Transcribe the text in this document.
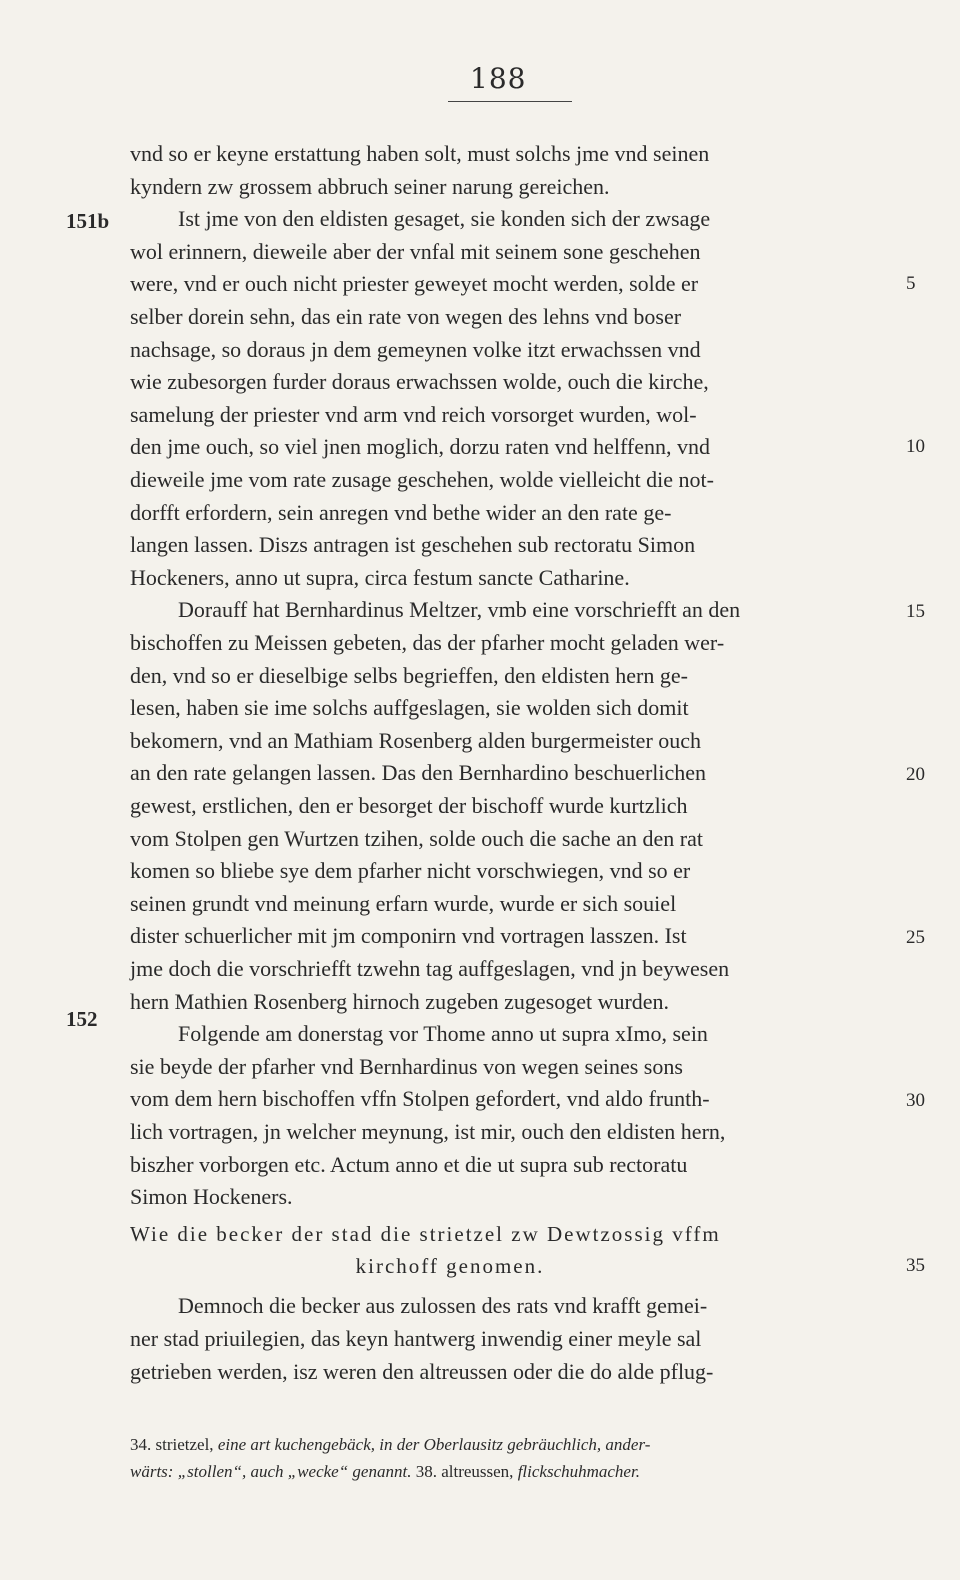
188
vnd so er keyne erstattung haben solt, must solchs jme vnd seinen
kyndern zw grossem abbruch seiner narung gereichen.
Ist jme von den eldisten gesaget, sie konden sich der zwsage
wol erinnern, dieweile aber der vnfal mit seinem sone geschehen
were, vnd er ouch nicht priester geweyet mocht werden, solde er
selber dorein sehn, das ein rate von wegen des lehns vnd boser
nachsage, so doraus jn dem gemeynen volke itzt erwachssen vnd
wie zubesorgen furder doraus erwachssen wolde, ouch die kirche,
samelung der priester vnd arm vnd reich vorsorget wurden, wol-
den jme ouch, so viel jnen moglich, dorzu raten vnd helffenn, vnd
dieweile jme vom rate zusage geschehen, wolde vielleicht die not-
dorfft erfordern, sein anregen vnd bethe wider an den rate ge-
langen lassen. Diszs antragen ist geschehen sub rectoratu Simon
Hockeners, anno ut supra, circa festum sancte Catharine.
Dorauff hat Bernhardinus Meltzer, vmb eine vorschriefft an den
bischoffen zu Meissen gebeten, das der pfarher mocht geladen wer-
den, vnd so er dieselbige selbs begrieffen, den eldisten hern ge-
lesen, haben sie ime solchs auffgeslagen, sie wolden sich domit
bekomern, vnd an Mathiam Rosenberg alden burgermeister ouch
an den rate gelangen lassen. Das den Bernhardino beschuerlichen
gewest, erstlichen, den er besorget der bischoff wurde kurtzlich
vom Stolpen gen Wurtzen tzihen, solde ouch die sache an den rat
komen so bliebe sye dem pfarher nicht vorschwiegen, vnd so er
seinen grundt vnd meinung erfarn wurde, wurde er sich souiel
dister schuerlicher mit jm componirn vnd vortragen lasszen. Ist
jme doch die vorschriefft tzwehn tag auffgeslagen, vnd jn beywesen
hern Mathien Rosenberg hirnoch zugeben zugesoget wurden.
Folgende am donerstag vor Thome anno ut supra xImo, sein
sie beyde der pfarher vnd Bernhardinus von wegen seines sons
vom dem hern bischoffen vffn Stolpen gefordert, vnd aldo frunth-
lich vortragen, jn welcher meynung, ist mir, ouch den eldisten hern,
biszher vorborgen etc. Actum anno et die ut supra sub rectoratu
Simon Hockeners.
151b
152
5
10
15
20
25
30
35
Wie die becker der stad die strietzel zw Dewtzossig vffm
kirchoff genomen.
Demnoch die becker aus zulossen des rats vnd krafft gemei-
ner stad priuilegien, das keyn hantwerg inwendig einer meyle sal
getrieben werden, isz weren den altreussen oder die do alde pflug-
34. strietzel, eine art kuchengebäck, in der Oberlausitz gebräuchlich, ander-
wärts: „stollen“, auch „wecke“ genannt. 38. altreussen, flickschuhmacher.
